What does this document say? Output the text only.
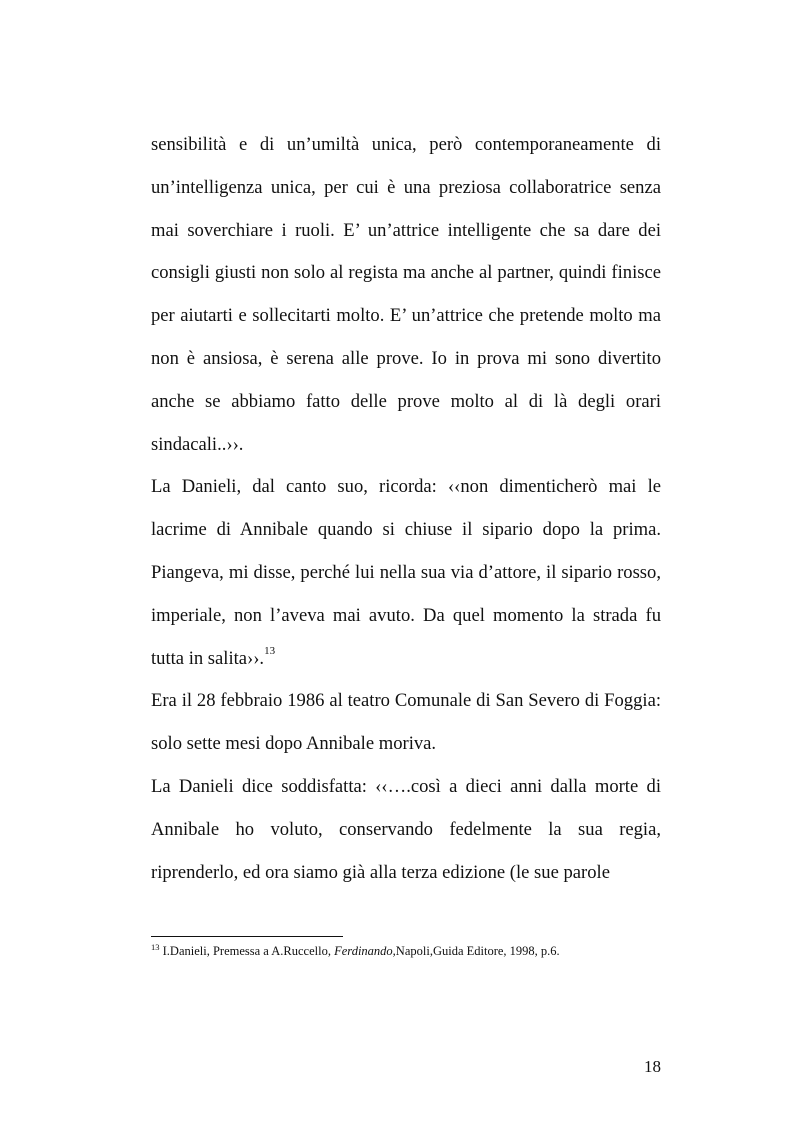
sensibilità e di un’umiltà unica, però contemporaneamente di un’intelligenza unica, per cui è una preziosa collaboratrice senza mai soverchiare i ruoli. E’ un’attrice intelligente che sa dare dei consigli giusti non solo al regista ma anche al partner, quindi finisce per aiutarti e sollecitarti molto. E’ un’attrice che pretende molto ma non è ansiosa, è serena alle prove. Io in prova mi sono divertito anche se abbiamo fatto delle prove molto al di là degli orari sindacali..››.

La Danieli, dal canto suo, ricorda: ‹‹non dimenticherò mai le lacrime di Annibale quando si chiuse il sipario dopo la prima. Piangeva, mi disse, perché lui nella sua via d’attore, il sipario rosso, imperiale, non l’aveva mai avuto. Da quel momento la strada fu tutta in salita››.$^{13}$

Era il 28 febbraio 1986 al teatro Comunale di San Severo di Foggia: solo sette mesi dopo Annibale moriva.

La Danieli dice soddisfatta: ‹‹….così a dieci anni dalla morte di Annibale ho voluto, conservando fedelmente la sua regia, riprenderlo, ed ora siamo già alla terza edizione (le sue parole

$^{13}$ I.Danieli, Premessa a A.Ruccello, Ferdinando,Napoli,Guida Editore, 1998, p.6.
18
